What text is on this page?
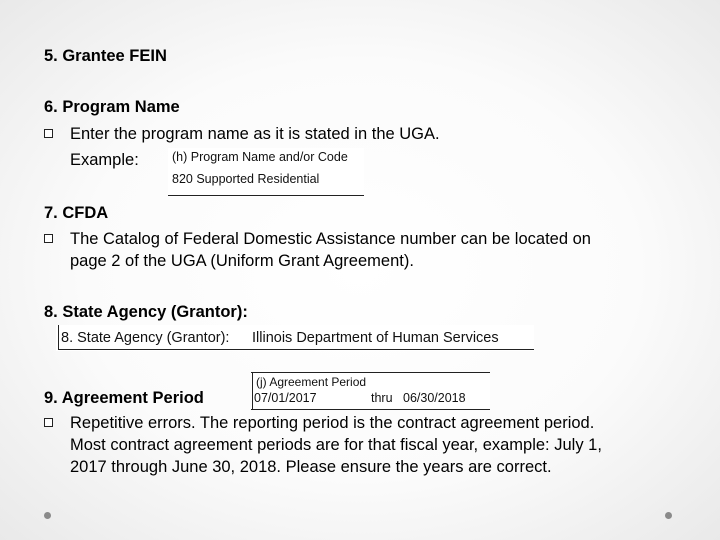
5. Grantee FEIN
6. Program Name
Enter the program name as it is stated in the UGA.
Example:	(h) Program Name and/or Code
820 Supported Residential
7. CFDA
The Catalog of Federal Domestic Assistance number can be located on
page 2 of the UGA (Uniform Grant Agreement).
8. State Agency (Grantor):
8. State Agency (Grantor): Illinois Department of Human Services
(j) Agreement Period
07/01/2017	thru 06/30/2018
9. Agreement Period
Repetitive errors. The reporting period is the contract agreement period.
Most contract agreement periods are for that fiscal year, example: July 1,
2017 through June 30, 2018. Please ensure the years are correct.
